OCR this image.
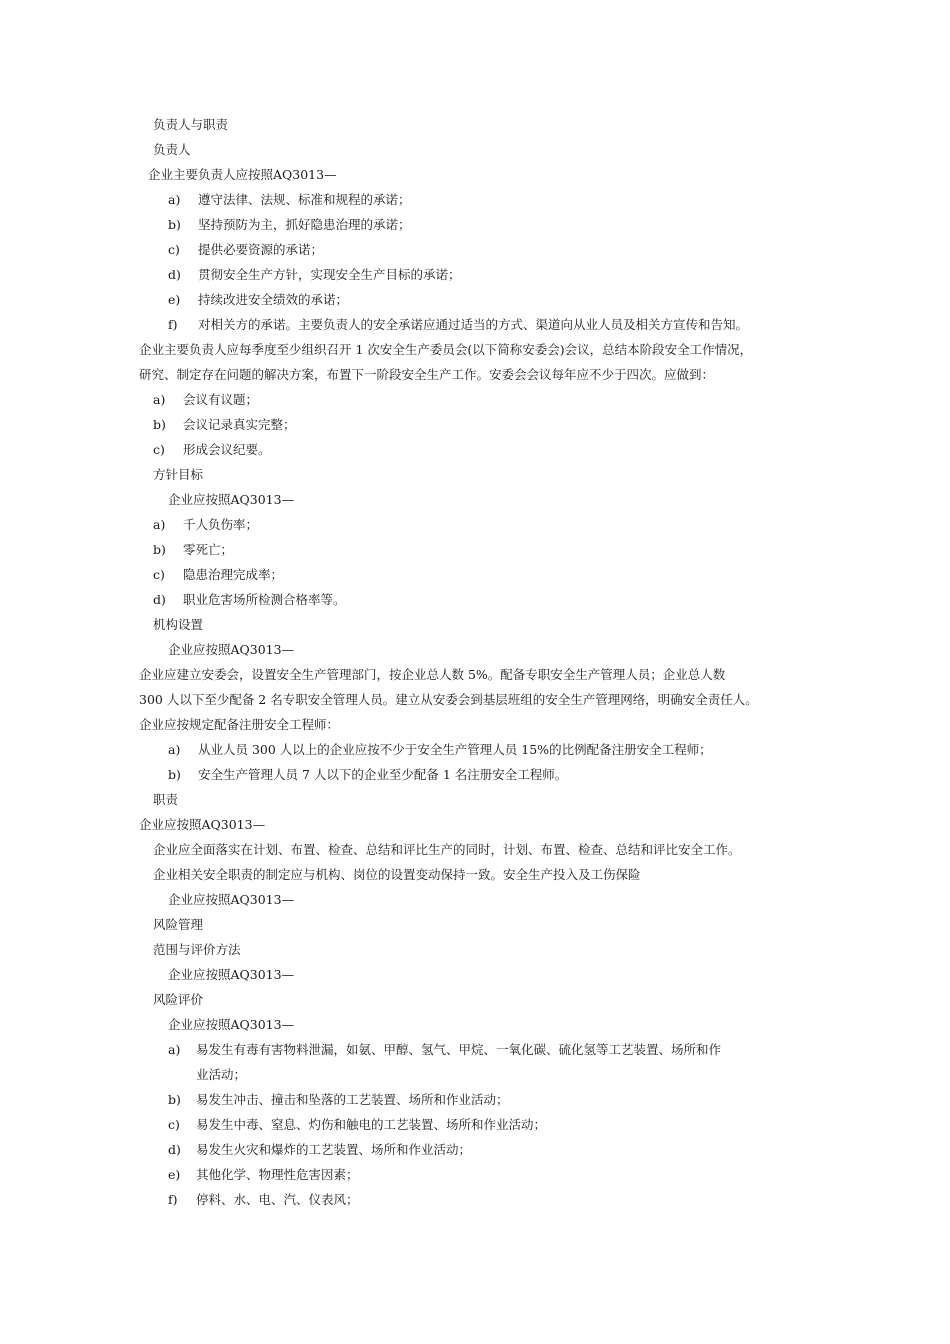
负责人与职责
负责人
企业主要负责人应按照AQ3013—
a) 遵守法律、法规、标准和规程的承诺；
b) 坚持预防为主，抓好隐患治理的承诺；
c) 提供必要资源的承诺；
d) 贯彻安全生产方针，实现安全生产目标的承诺；
e) 持续改进安全绩效的承诺；
f) 对相关方的承诺。主要负责人的安全承诺应通过适当的方式、渠道向从业人员及相关方宣传和告知。
企业主要负责人应每季度至少组织召开 1 次安全生产委员会(以下简称安委会)会议，总结本阶段安全工作情况，
研究、制定存在问题的解决方案，布置下一阶段安全生产工作。安委会会议每年应不少于四次。应做到：
a) 会议有议题；
b) 会议记录真实完整；
c) 形成会议纪要。
方针目标
企业应按照AQ3013—
a) 千人负伤率；
b) 零死亡；
c) 隐患治理完成率；
d) 职业危害场所检测合格率等。
机构设置
企业应按照AQ3013—
企业应建立安委会，设置安全生产管理部门，按企业总人数 5%。配备专职安全生产管理人员；企业总人数
300 人以下至少配备 2 名专职安全管理人员。建立从安委会到基层班组的安全生产管理网络，明确安全责任人。
企业应按规定配备注册安全工程师：
a) 从业人员 300 人以上的企业应按不少于安全生产管理人员 15%的比例配备注册安全工程师；
b) 安全生产管理人员 7 人以下的企业至少配备 1 名注册安全工程师。
职责
企业应按照AQ3013—
企业应全面落实在计划、布置、检查、总结和评比生产的同时，计划、布置、检查、总结和评比安全工作。
企业相关安全职责的制定应与机构、岗位的设置变动保持一致。安全生产投入及工伤保险
企业应按照AQ3013—
风险管理
范围与评价方法
企业应按照AQ3013—
风险评价
企业应按照AQ3013—
a) 易发生有毒有害物料泄漏，如氨、甲醇、氢气、甲烷、一氧化碳、硫化氢等工艺装置、场所和作
业活动；
b) 易发生冲击、撞击和坠落的工艺装置、场所和作业活动；
c) 易发生中毒、窒息、灼伤和触电的工艺装置、场所和作业活动；
d) 易发生火灾和爆炸的工艺装置、场所和作业活动；
e) 其他化学、物理性危害因素；
f) 停料、水、电、汽、仪表风；
